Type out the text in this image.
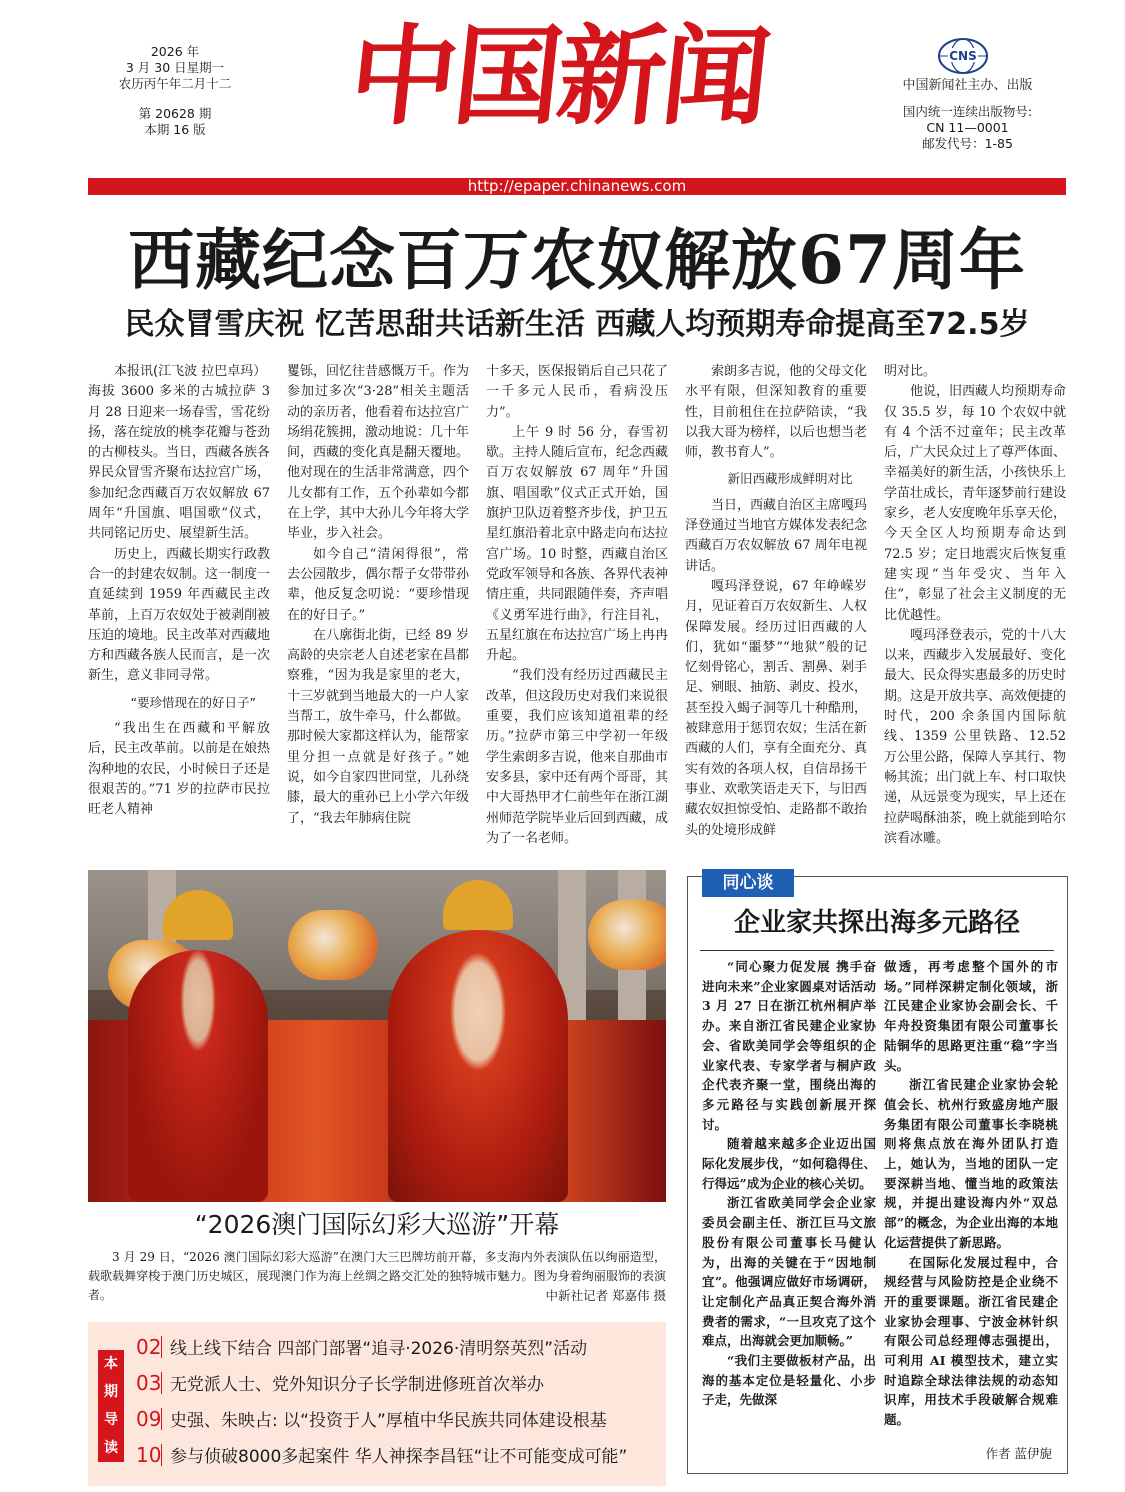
2026 年
3 月 30 日星期一
农历丙午年二月十二
第 20628 期
本期 16 版	中国新闻	CNS
中国新闻社主办、出版
国内统一连续出版物号:
CN 11—0001
邮发代号：1-85
http://epaper.chinanews.com
西藏纪念百万农奴解放67周年
民众冒雪庆祝 忆苦思甜共话新生活 西藏人均预期寿命提高至72.5岁

本报讯(江飞波 拉巴卓玛）

海拔 3600 多米的古城拉萨 3 月 28 日迎来一场春雪，雪花纷扬，落在绽放的桃李花瓣与苍劲的古柳枝头。当日，西藏各族各界民众冒雪齐聚布达拉宫广场，参加纪念西藏百万农奴解放 67 周年“升国旗、唱国歌”仪式，共同铭记历史、展望新生活。

历史上，西藏长期实行政教合一的封建农奴制。这一制度一直延续到 1959 年西藏民主改革前，上百万农奴处于被剥削被压迫的境地。民主改革对西藏地方和西藏各族人民而言，是一次新生，意义非同寻常。

“要珍惜现在的好日子”

“我出生在西藏和平解放后，民主改革前。以前是在娘热沟种地的农民，小时候日子还是很艰苦的。”71 岁的拉萨市民拉旺老人精神

矍铄，回忆往昔感慨万千。作为参加过多次“3·28”相关主题活动的亲历者，他看着布达拉宫广场绢花簇拥，激动地说：几十年间，西藏的变化真是翻天覆地。他对现在的生活非常满意，四个儿女都有工作，五个孙辈如今都在上学，其中大孙儿今年将大学毕业，步入社会。

如今自己“清闲得很”，常去公园散步，偶尔帮子女带带孙辈，他反复念叨说：“要珍惜现在的好日子。”

在八廓街北街，已经 89 岁高龄的央宗老人自述老家在昌都察雅，“因为我是家里的老大，十三岁就到当地最大的一户人家当帮工，放牛牵马，什么都做。那时候大家都这样认为，能帮家里分担一点就是好孩子。”她说，如今自家四世同堂，儿孙绕膝，最大的重孙已上小学六年级了，“我去年肺病住院

十多天，医保报销后自己只花了一千多元人民币，看病没压力”。

上午 9 时 56 分，春雪初歇。主持人随后宣布，纪念西藏百万农奴解放 67 周年“升国旗、唱国歌”仪式正式开始，国旗护卫队迈着整齐步伐，护卫五星红旗沿着北京中路走向布达拉宫广场。10 时整，西藏自治区党政军领导和各族、各界代表神情庄重，共同跟随伴奏，齐声唱《义勇军进行曲》，行注目礼，五星红旗在布达拉宫广场上冉冉升起。

“我们没有经历过西藏民主改革，但这段历史对我们来说很重要，我们应该知道祖辈的经历。”拉萨市第三中学初一年级学生索朗多吉说，他来自那曲市安多县，家中还有两个哥哥，其中大哥热甲才仁前些年在浙江湖州师范学院毕业后回到西藏，成为了一名老师。

索朗多吉说，他的父母文化水平有限，但深知教育的重要性，目前租住在拉萨陪读，“我以我大哥为榜样，以后也想当老师，教书育人”。

新旧西藏形成鲜明对比

当日，西藏自治区主席嘎玛泽登通过当地官方媒体发表纪念西藏百万农奴解放 67 周年电视讲话。

嘎玛泽登说，67 年峥嵘岁月，见证着百万农奴新生、人权保障发展。经历过旧西藏的人们，犹如“噩梦”“地狱”般的记忆刻骨铭心，割舌、割鼻、剁手足、剜眼、抽筋、剥皮、投水，甚至投入蝎子洞等几十种酷刑，被肆意用于惩罚农奴；生活在新西藏的人们，享有全面充分、真实有效的各项人权，自信昂扬干事业、欢歌笑语走天下，与旧西藏农奴担惊受怕、走路都不敢抬头的处境形成鲜

明对比。

他说，旧西藏人均预期寿命仅 35.5 岁，每 10 个农奴中就有 4 个活不过童年；民主改革后，广大民众过上了尊严体面、幸福美好的新生活，小孩快乐上学苗壮成长，青年逐梦前行建设家乡，老人安度晚年乐享天伦，今天全区人均预期寿命达到 72.5 岁；定日地震灾后恢复重建实现“当年受灾、当年入住”，彰显了社会主义制度的无比优越性。

嘎玛泽登表示，党的十八大以来，西藏步入发展最好、变化最大、民众得实惠最多的历史时期。这是开放共享、高效便捷的时代，200 余条国内国际航线、1359 公里铁路、12.52 万公里公路，保障人享其行、物畅其流；出门就上车、村口取快递，从远景变为现实，早上还在拉萨喝酥油茶，晚上就能到哈尔滨看冰雕。

“2026澳门国际幻彩大巡游”开幕

3 月 29 日，“2026 澳门国际幻彩大巡游”在澳门大三巴牌坊前开幕，多支海内外表演队伍以绚丽造型，载歌载舞穿梭于澳门历史城区，展现澳门作为海上丝绸之路交汇处的独特城市魅力。图为身着绚丽服饰的表演者。	中新社记者 郑嘉伟 摄
本
期
导
读
02 线上线下结合 四部门部署“追寻·2026·清明祭英烈”活动
03 无党派人士、党外知识分子长学制进修班首次举办
09 史强、朱映占: 以“投资于人”厚植中华民族共同体建设根基
10 参与侦破8000多起案件 华人神探李昌钰“让不可能变成可能”
同心谈
企业家共探出海多元路径

“同心聚力促发展 携手奋进向未来”企业家圆桌对话活动 3 月 27 日在浙江杭州桐庐举办。来自浙江省民建企业家协会、省欧美同学会等组织的企业家代表、专家学者与桐庐政企代表齐聚一堂，围绕出海的多元路径与实践创新展开探讨。

随着越来越多企业迈出国际化发展步伐，“如何稳得住、行得远”成为企业的核心关切。

浙江省欧美同学会企业家委员会副主任、浙江巨马文旅股份有限公司董事长马健认为，出海的关键在于“因地制宜”。他强调应做好市场调研，让定制化产品真正契合海外消费者的需求，“一旦攻克了这个难点，出海就会更加顺畅。”

“我们主要做板材产品，出海的基本定位是轻量化、小步子走，先做深

做透，再考虑整个国外的市场。”同样深耕定制化领域，浙江民建企业家协会副会长、千年舟投资集团有限公司董事长陆铜华的思路更注重“稳”字当头。

浙江省民建企业家协会轮值会长、杭州行致盛房地产服务集团有限公司董事长李晓桃则将焦点放在海外团队打造上，她认为，当地的团队一定要深耕当地、懂当地的政策法规，并提出建设海内外“双总部”的概念，为企业出海的本地化运营提供了新思路。

在国际化发展过程中，合规经营与风险防控是企业绕不开的重要课题。浙江省民建企业家协会理事、宁波金林针织有限公司总经理傅志强提出，可利用 AI 模型技术，建立实时追踪全球法律法规的动态知识库，用技术手段破解合规难题。

作者 蓝伊旎
